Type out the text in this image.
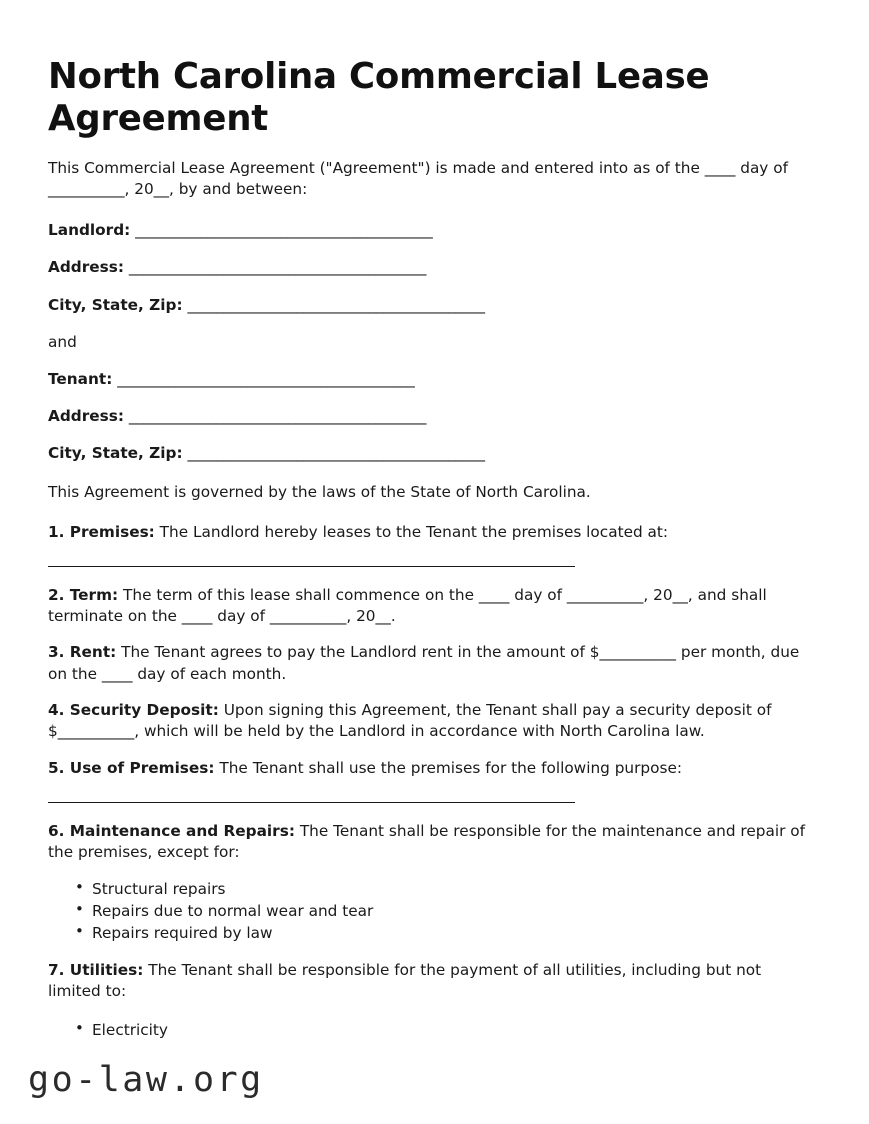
North Carolina Commercial Lease Agreement

This Commercial Lease Agreement ("Agreement") is made and entered into as of the ____ day of __________, 20__, by and between:

Landlord: _________________________________________
Address: _________________________________________
City, State, Zip: _________________________________________

and

Tenant: _________________________________________
Address: _________________________________________
City, State, Zip: _________________________________________

This Agreement is governed by the laws of the State of North Carolina.

1. Premises: The Landlord hereby leases to the Tenant the premises located at:

2. Term: The term of this lease shall commence on the ____ day of __________, 20__, and shall terminate on the ____ day of __________, 20__.

3. Rent: The Tenant agrees to pay the Landlord rent in the amount of $__________ per month, due on the ____ day of each month.

4. Security Deposit: Upon signing this Agreement, the Tenant shall pay a security deposit of $__________, which will be held by the Landlord in accordance with North Carolina law.

5. Use of Premises: The Tenant shall use the premises for the following purpose:

6. Maintenance and Repairs: The Tenant shall be responsible for the maintenance and repair of the premises, except for:

• Structural repairs
• Repairs due to normal wear and tear
• Repairs required by law

7. Utilities: The Tenant shall be responsible for the payment of all utilities, including but not limited to:

• Electricity
go-law.org
